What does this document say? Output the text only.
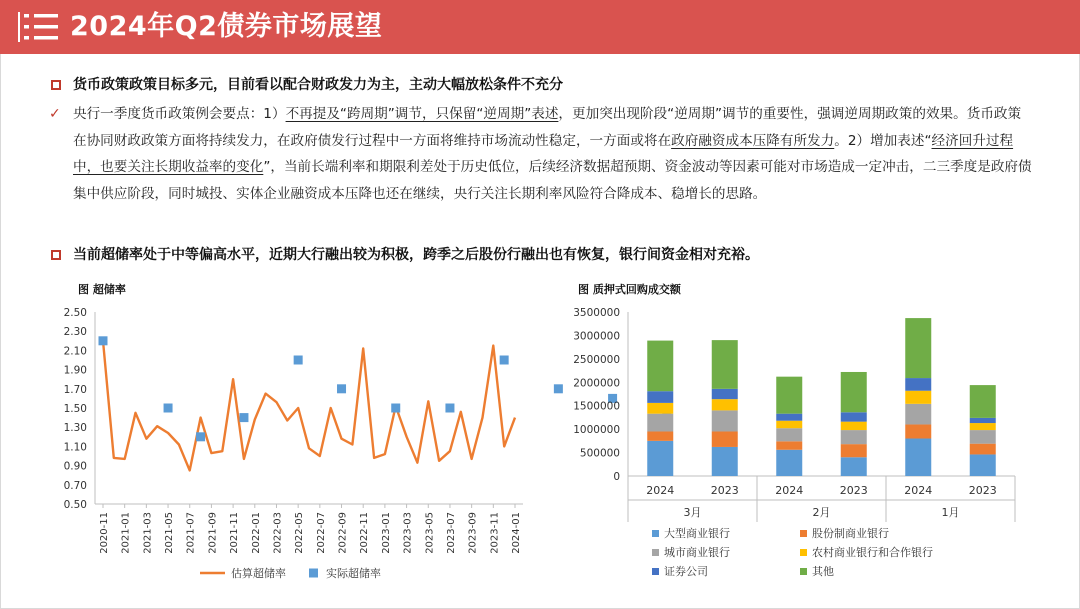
2024年Q2债券市场展望
货币政策政策目标多元，目前看以配合财政发力为主，主动大幅放松条件不充分
✓ 央行一季度货币政策例会要点：1）不再提及“跨周期”调节，只保留“逆周期”表述，更加突出现阶段“逆周期”调节的重要性，强调逆周期政策的效果。货币政策在协同财政政策方面将持续发力，在政府债发行过程中一方面将维持市场流动性稳定，一方面或将在政府融资成本压降有所发力。2）增加表述“经济回升过程中，也要关注长期收益率的变化”，当前长端利率和期限利差处于历史低位，后续经济数据超预期、资金波动等因素可能对市场造成一定冲击，二三季度是政府债集中供应阶段，同时城投、实体企业融资成本压降也还在继续，央行关注长期利率风险符合降成本、稳增长的思路。
当前超储率处于中等偏高水平，近期大行融出较为积极，跨季之后股份行融出也有恢复，银行间资金相对充裕。
图 超储率
0.50
0.70
0.90
1.10
1.30
1.50
1.70
1.90
2.10
2.30
2.50
2020-11 2021-01 2021-03 2021-05 2021-07 2021-09 2021-11 2022-01 2022-03 2022-05 2022-07 2022-09 2022-11 2023-01 2023-03 2023-05 2023-07 2023-09 2023-11 2024-01
估算超储率	实际超储率
图 质押式回购成交额
0
500000
1000000
1500000
2000000
2500000
3000000
3500000
2024	2023	2024	2023	2024	2023
3月	2月	1月
大型商业银行	股份制商业银行
城市商业银行	农村商业银行和合作银行
证券公司	其他
